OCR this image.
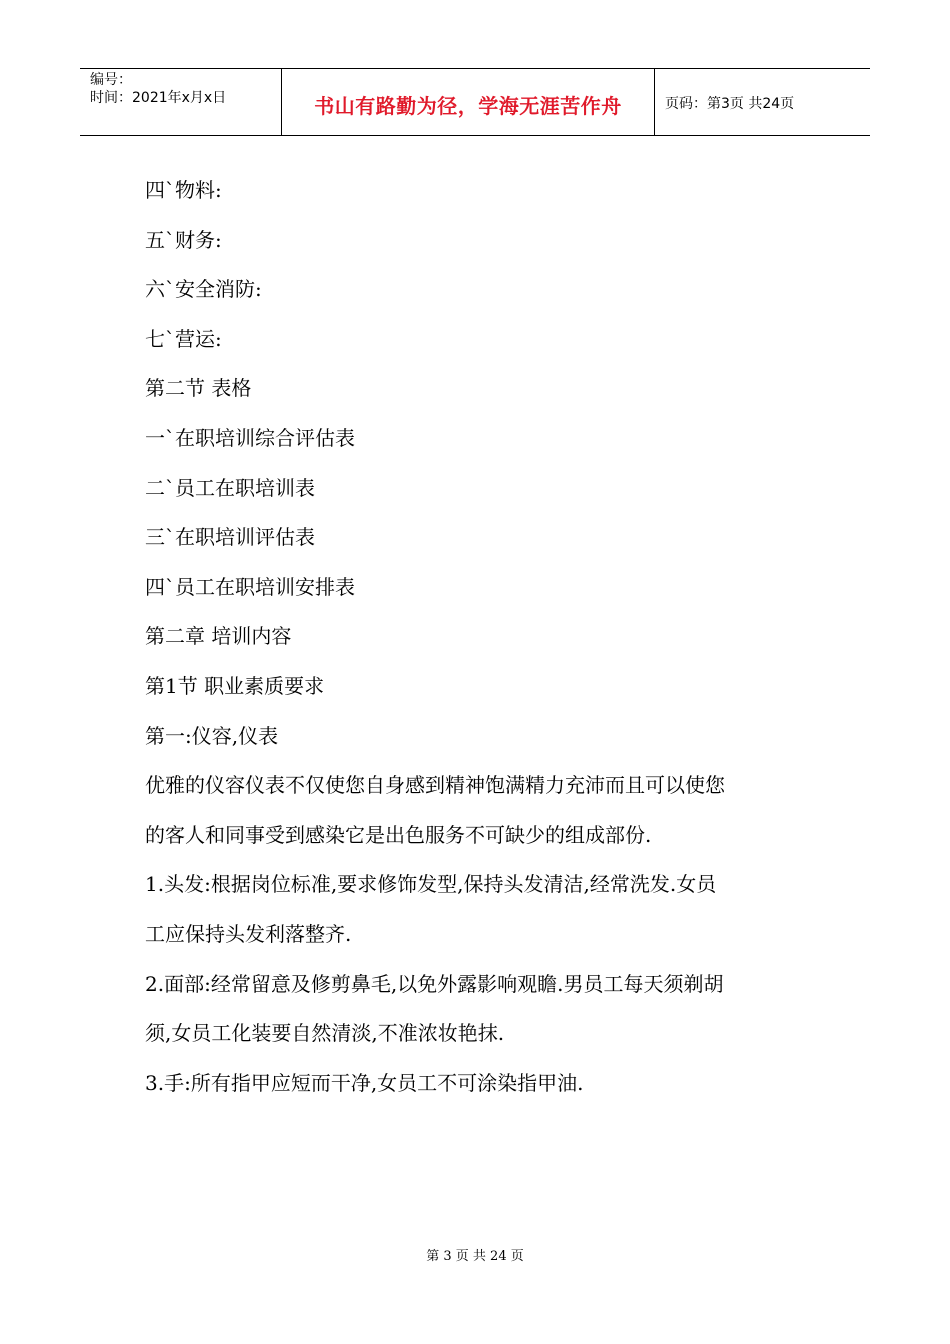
编号：
时间：2021年x月x日	书山有路勤为径，学海无涯苦作舟	页码：第3页 共24页
四`物料:
五`财务:
六`安全消防:
七`营运:
第二节 表格
一`在职培训综合评估表
二`员工在职培训表
三`在职培训评估表
四`员工在职培训安排表
第二章 培训内容
第1节 职业素质要求
第一:仪容,仪表
优雅的仪容仪表不仅使您自身感到精神饱满精力充沛而且可以使您
的客人和同事受到感染它是出色服务不可缺少的组成部份.
1.头发:根据岗位标准,要求修饰发型,保持头发清洁,经常洗发.女员
工应保持头发利落整齐.
2.面部:经常留意及修剪鼻毛,以免外露影响观瞻.男员工每天须剃胡
须,女员工化装要自然清淡,不准浓妆艳抹.
3.手:所有指甲应短而干净,女员工不可涂染指甲油.
第 3 页 共 24 页
